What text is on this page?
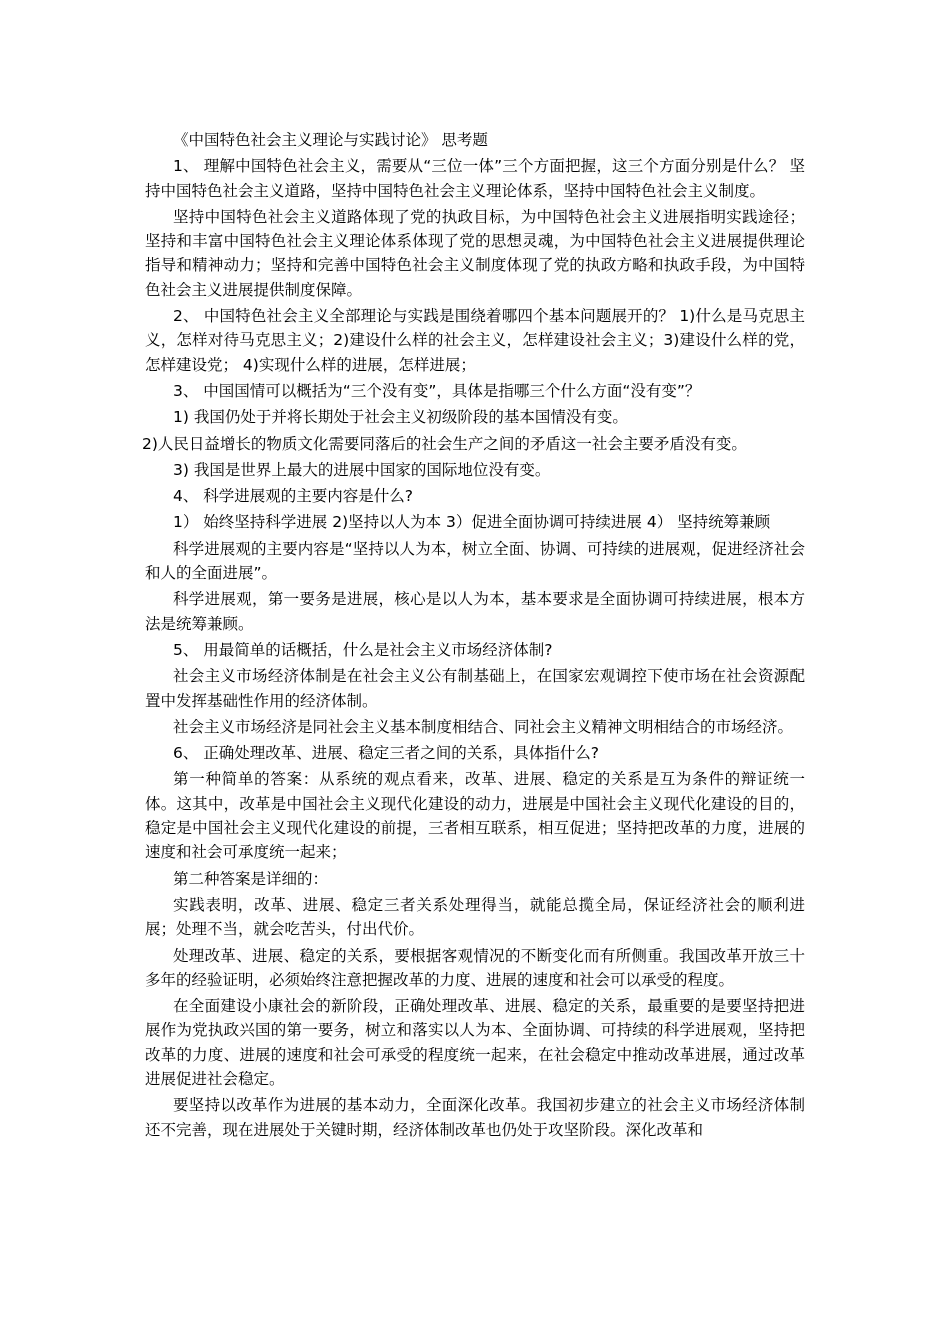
《中国特色社会主义理论与实践讨论》 思考题

1、 理解中国特色社会主义，需要从“三位一体”三个方面把握，这三个方面分别是什么？ 坚持中国特色社会主义道路，坚持中国特色社会主义理论体系，坚持中国特色社会主义制度。

坚持中国特色社会主义道路体现了党的执政目标，为中国特色社会主义进展指明实践途径；坚持和丰富中国特色社会主义理论体系体现了党的思想灵魂，为中国特色社会主义进展提供理论指导和精神动力；坚持和完善中国特色社会主义制度体现了党的执政方略和执政手段，为中国特色社会主义进展提供制度保障。

2、 中国特色社会主义全部理论与实践是围绕着哪四个基本问题展开的？ 1)什么是马克思主义，怎样对待马克思主义；2)建设什么样的社会主义，怎样建设社会主义；3)建设什么样的党，怎样建设党； 4)实现什么样的进展，怎样进展；

3、 中国国情可以概括为“三个没有变”，具体是指哪三个什么方面“没有变”？

1) 我国仍处于并将长期处于社会主义初级阶段的基本国情没有变。

2)人民日益增长的物质文化需要同落后的社会生产之间的矛盾这一社会主要矛盾没有变。

3) 我国是世界上最大的进展中国家的国际地位没有变。

4、 科学进展观的主要内容是什么?

1） 始终坚持科学进展 2)坚持以人为本 3）促进全面协调可持续进展 4） 坚持统筹兼顾

科学进展观的主要内容是“坚持以人为本，树立全面、协调、可持续的进展观，促进经济社会和人的全面进展”。

科学进展观，第一要务是进展，核心是以人为本，基本要求是全面协调可持续进展，根本方法是统筹兼顾。

5、 用最简单的话概括，什么是社会主义市场经济体制?

社会主义市场经济体制是在社会主义公有制基础上，在国家宏观调控下使市场在社会资源配置中发挥基础性作用的经济体制。

社会主义市场经济是同社会主义基本制度相结合、同社会主义精神文明相结合的市场经济。

6、 正确处理改革、进展、稳定三者之间的关系，具体指什么?

第一种简单的答案：从系统的观点看来，改革、进展、稳定的关系是互为条件的辩证统一体。这其中，改革是中国社会主义现代化建设的动力，进展是中国社会主义现代化建设的目的，稳定是中国社会主义现代化建设的前提，三者相互联系，相互促进；坚持把改革的力度，进展的速度和社会可承度统一起来；

第二种答案是详细的：

实践表明，改革、进展、稳定三者关系处理得当，就能总揽全局，保证经济社会的顺利进展；处理不当，就会吃苦头，付出代价。

处理改革、进展、稳定的关系，要根据客观情况的不断变化而有所侧重。我国改革开放三十多年的经验证明，必须始终注意把握改革的力度、进展的速度和社会可以承受的程度。

在全面建设小康社会的新阶段，正确处理改革、进展、稳定的关系，最重要的是要坚持把进展作为党执政兴国的第一要务，树立和落实以人为本、全面协调、可持续的科学进展观，坚持把改革的力度、进展的速度和社会可承受的程度统一起来，在社会稳定中推动改革进展，通过改革进展促进社会稳定。

要坚持以改革作为进展的基本动力，全面深化改革。我国初步建立的社会主义市场经济体制还不完善，现在进展处于关键时期，经济体制改革也仍处于攻坚阶段。深化改革和
